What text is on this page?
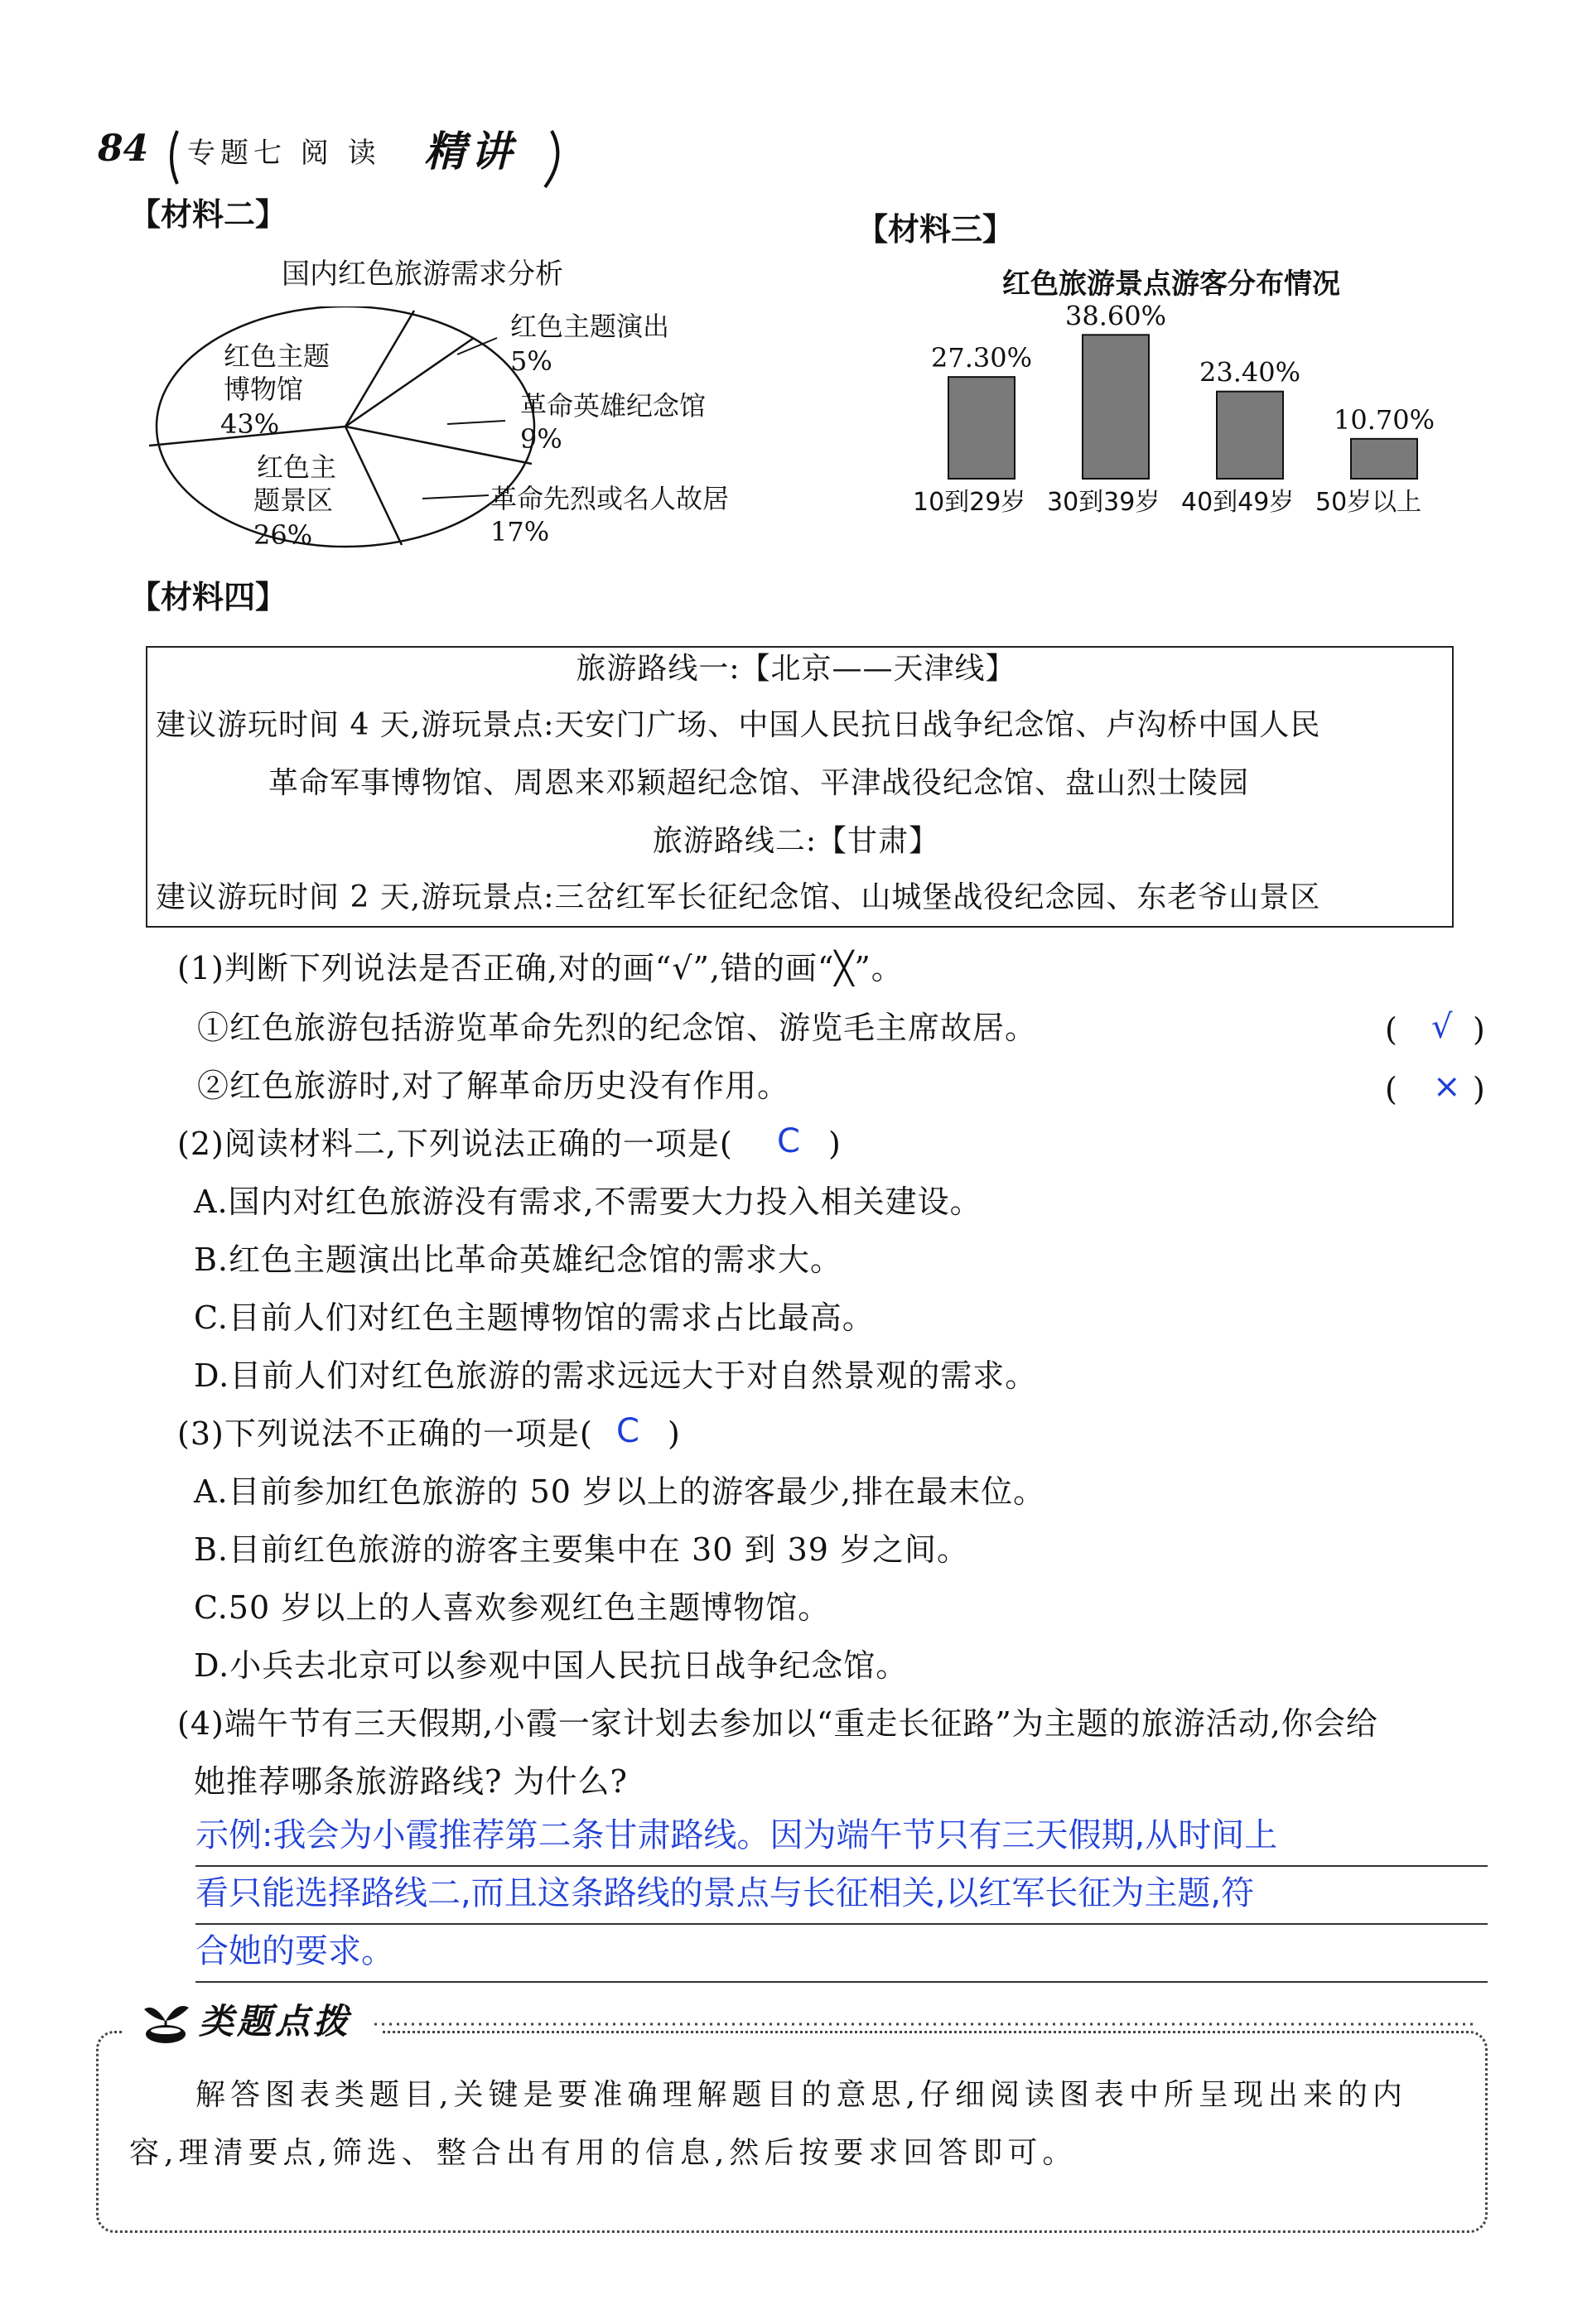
84 专题七 阅 读 精讲
【材料二】
国内红色旅游需求分析
红色主题
博物馆
43%
红色主
题景区
26%
革命先烈或名人故居
17%
革命英雄纪念馆
9%
红色主题演出
5%
【材料三】
红色旅游景点游客分布情况
27.30%
38.60%
23.40%
10.70%
10到29岁 30到39岁 40到49岁 50岁以上
【材料四】
旅游路线一:【北京——天津线】
建议游玩时间 4 天,游玩景点:天安门广场、中国人民抗日战争纪念馆、卢沟桥中国人民
革命军事博物馆、周恩来邓颖超纪念馆、平津战役纪念馆、盘山烈士陵园
旅游路线二:【甘肃】
建议游玩时间 2 天,游玩景点:三岔红军长征纪念馆、山城堡战役纪念园、东老爷山景区
(1)判断下列说法是否正确,对的画“√”,错的画“╳”。
①红色旅游包括游览革命先烈的纪念馆、游览毛主席故居。	( √ )
②红色旅游时,对了解革命历史没有作用。	( × )
(2)阅读材料二,下列说法正确的一项是( C )
A.国内对红色旅游没有需求,不需要大力投入相关建设。
B.红色主题演出比革命英雄纪念馆的需求大。
C.目前人们对红色主题博物馆的需求占比最高。
D.目前人们对红色旅游的需求远远大于对自然景观的需求。
(3)下列说法不正确的一项是( C )
A.目前参加红色旅游的 50 岁以上的游客最少,排在最末位。
B.目前红色旅游的游客主要集中在 30 到 39 岁之间。
C.50 岁以上的人喜欢参观红色主题博物馆。
D.小兵去北京可以参观中国人民抗日战争纪念馆。
(4)端午节有三天假期,小霞一家计划去参加以“重走长征路”为主题的旅游活动,你会给
她推荐哪条旅游路线? 为什么?
示例:我会为小霞推荐第二条甘肃路线。因为端午节只有三天假期,从时间上
看只能选择路线二,而且这条路线的景点与长征相关,以红军长征为主题,符
合她的要求。
类题点拨
解答图表类题目,关键是要准确理解题目的意思,仔细阅读图表中所呈现出来的内
容,理清要点,筛选、整合出有用的信息,然后按要求回答即可。
